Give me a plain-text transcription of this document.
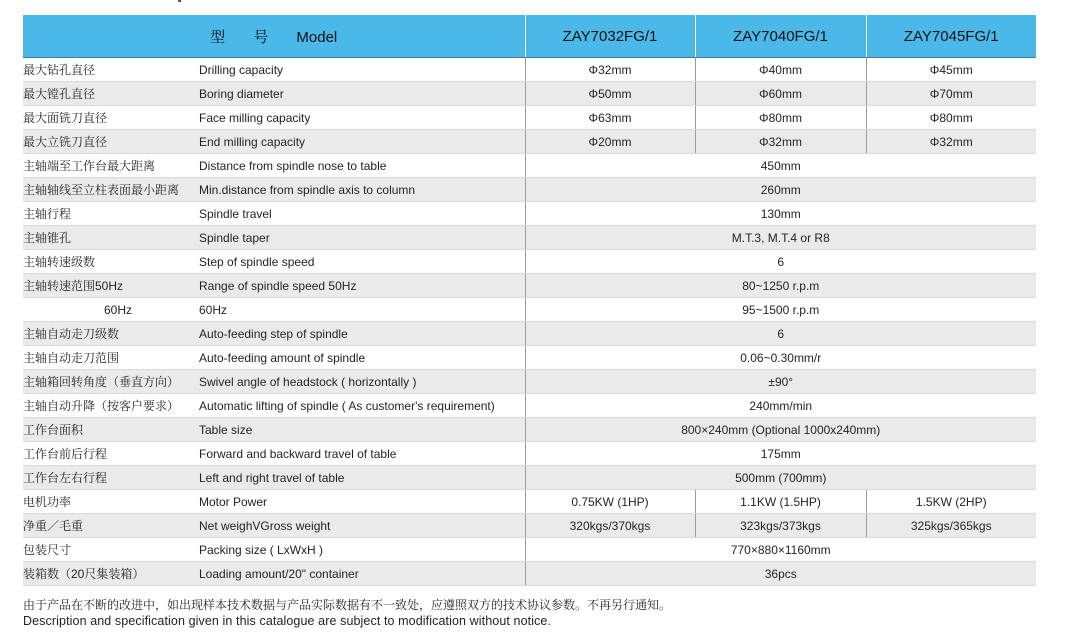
型 号 Model		ZAY7032FG/1	ZAY7040FG/1	ZAY7045FG/1
最大钻孔直径	Drilling capacity	Φ32mm	Φ40mm	Φ45mm
最大镗孔直径	Boring diameter	Φ50mm	Φ60mm	Φ70mm
最大面铣刀直径	Face milling capacity	Φ63mm	Φ80mm	Φ80mm
最大立铣刀直径	End milling capacity	Φ20mm	Φ32mm	Φ32mm
主轴端至工作台最大距离	Distance from spindle nose to table	450mm		
主轴轴线至立柱表面最小距离	Min.distance from spindle axis to column	260mm		
主轴行程	Spindle travel	130mm		
主轴锥孔	Spindle taper	M.T.3, M.T.4 or R8		
主轴转速级数	Step of spindle speed	6		
主轴转速范围50Hz	Range of spindle speed 50Hz	80~1250 r.p.m		
60Hz	60Hz	95~1500 r.p.m		
主轴自动走刀级数	Auto-feeding step of spindle	6		
主轴自动走刀范围	Auto-feeding amount of spindle	0.06~0.30mm/r		
主轴箱回转角度（垂直方向）	Swivel angle of headstock ( horizontally )	±90°		
主轴自动升降（按客户要求）	Automatic lifting of spindle ( As customer's requirement)	240mm/min		
工作台面积	Table size	800×240mm (Optional 1000x240mm)		
工作台前后行程	Forward and backward travel of table	175mm		
工作台左右行程	Left and right travel of table	500mm (700mm)		
电机功率	Motor Power	0.75KW (1HP)	1.1KW (1.5HP)	1.5KW (2HP)
净重／毛重	Net weighVGross weight	320kgs/370kgs	323kgs/373kgs	325kgs/365kgs
包装尺寸	Packing size ( LxWxH )	770×880×1160mm		
装箱数（20尺集装箱）	Loading amount/20" container	36pcs		
由于产品在不断的改进中，如出现样本技术数据与产品实际数据有不一致处，应遵照双方的技术协议参数。不再另行通知。
Description and specification given in this catalogue are subject to modification without notice.
